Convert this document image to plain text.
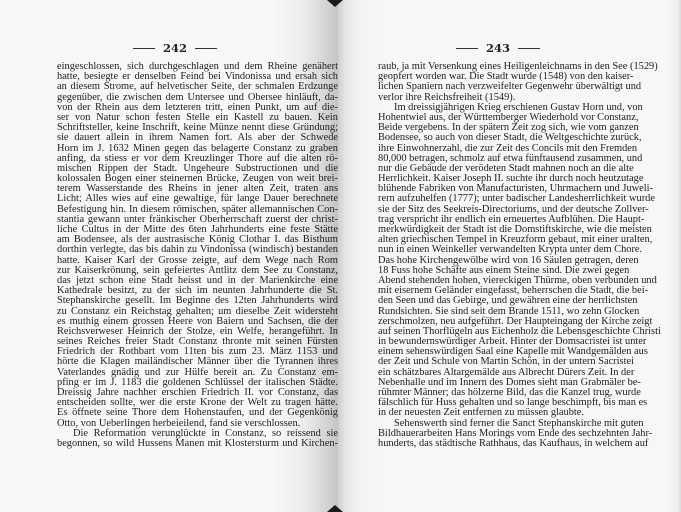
242
eingeschlossen, sich durchgeschlagen und dem Rheine genähert
hatte, besiegte er denselben Feind bei Vindonissa und ersah sich
an diesem Strome, auf helvetischer Seite, der schmalen Erdzunge
gegenüber, die zwischen dem Untersee und Obersee hinläuft, da-
von der Rhein aus dem letzteren tritt, einen Punkt, um auf die-
ser von Natur schon festen Stelle ein Kastell zu bauen. Kein
Schriftsteller, keine Inschrift, keine Münze nennt diese Gründung;
sie dauert allein in ihrem Namen fort. Als aber der Schwede
Horn im J. 1632 Minen gegen das belagerte Constanz zu graben
anfing, da stiess er vor dem Kreuzlinger Thore auf die alten rö-
mischen Rippen der Stadt. Ungeheure Substructionen und die
kolossalen Bogen einer steinernen Brücke, Zeugen von weit brei-
terem Wasserstande des Rheins in jener alten Zeit, traten ans
Licht; Alles wies auf eine gewaltige, für lange Dauer berechnete
Befestigung hin. In diesem römischen, später allemannischen Con-
stantia gewann unter fränkischer Oberherrschaft zuerst der christ-
liche Cultus in der Mitte des 6ten Jahrhunderts eine feste Stätte
am Bodensee, als der austrasische König Clothar I. das Bisthum
dorthin verlegte, das bis dahin zu Vindonissa (windisch) bestanden
hatte. Kaiser Karl der Grosse zeigte, auf dem Wege nach Rom
zur Kaiserkrönung, sein gefeiertes Antlitz dem See zu Constanz,
das jetzt schon eine Stadt heisst und in der Marienkirche eine
Kathedrale besitzt, zu der sich im neunten Jahrhunderte die St.
Stephanskirche gesellt. Im Beginne des 12ten Jahrhunderts wird
zu Constanz ein Reichstag gehalten; um dieselbe Zeit widersteht
es muthig einem grossen Heere von Baiern und Sachsen, die der
Reichsverweser Heinrich der Stolze, ein Welfe, herangeführt. In
seines Reiches freier Stadt Constanz thronte mit seinen Fürsten
Friedrich der Rothbart vom 11ten bis zum 23. März 1153 und
hörte die Klagen mailändischer Männer über die Tyrannen ihres
Vaterlandes gnädig und zur Hülfe bereit an. Zu Constanz em-
pfing er im J. 1183 die goldenen Schlüssel der italischen Städte.
Dreissig Jahre nachher erschien Friedrich II. vor Constanz, das
entscheiden sollte, wer die erste Krone der Welt zu tragen hätte.
Es öffnete seine Thore dem Hohenstaufen, und der Gegenkönig
Otto, von Ueberlingen herbeieilend, fand sie verschlossen.
Die Reformation verunglückte in Constanz, so reissend sie
begonnen, so wild Hussens Manen mit Klostersturm und Kirchen-
243
raub, ja mit Versenkung eines Heiligenleichnams in den See (1529)
geopfert worden war. Die Stadt wurde (1548) von den kaiser-
lichen Spaniern nach verzweifelter Gegenwehr überwältigt und
verlor ihre Reichsfreiheit (1549).
Im dreissigjährigen Krieg erschienen Gustav Horn und, von
Hohentwiel aus, der Württemberger Wiederhold vor Constanz,
Beide vergebens. In der spätern Zeit zog sich, wie vom ganzen
Bodensee, so auch von dieser Stadt, die Weltgeschichte zurück,
ihre Einwohnerzahl, die zur Zeit des Concils mit den Fremden
80,000 betragen, schmolz auf etwa fünftausend zusammen, und
nur die Gebäude der verödeten Stadt mahnen noch an die alte
Herrlichkeit. Kaiser Joseph II. suchte ihr durch noch heutzutage
blühende Fabriken von Manufacturisten, Uhrmachern und Juweli-
rern aufzuhelfen (1777); unter badischer Landesherrlichkeit wurde
sie der Sitz des Seekreis-Directoriums, und der deutsche Zollver-
trag verspricht ihr endlich ein erneuertes Aufblühen. Die Haupt-
merkwürdigkeit der Stadt ist die Domstiftskirche, wie die meisten
alten griechischen Tempel in Kreuzform gebaut, mit einer uralten,
nun in einen Weinkeller verwandelten Krypta unter dem Chore.
Das hohe Kirchengewölbe wird von 16 Säulen getragen, deren
18 Fuss hohe Schäfte aus einem Steine sind. Die zwei gegen
Abend stehenden hohen, viereckigen Thürme, oben verbunden und
mit eisernem Geländer eingefasst, beherrschen die Stadt, die bei-
den Seen und das Gebirge, und gewähren eine der herrlichsten
Rundsichten. Sie sind seit dem Brande 1511, wo zehn Glocken
zerschmolzen, neu aufgeführt. Der Haupteingang der Kirche zeigt
auf seinen Thorflügeln aus Eichenholz die Lebensgeschichte Christi
in bewundernswürdiger Arbeit. Hinter der Domsacristei ist unter
einem sehenswürdigen Saal eine Kapelle mit Wandgemälden aus
der Zeit und Schule von Martin Schön, in der untern Sacristei
ein schätzbares Altargemälde aus Albrecht Dürers Zeit. In der
Nebenhalle und im Innern des Domes sieht man Grabmäler be-
rühmter Männer; das hölzerne Bild, das die Kanzel trug, wurde
fälschlich für Huss gehalten und so lange beschimpft, bis man es
in der neuesten Zeit entfernen zu müssen glaubte.
Sehenswerth sind ferner die Sanct Stephanskirche mit guten
Bildhauerarbeiten Hans Morings vom Ende des sechzehnten Jahr-
hunderts, das städtische Rathhaus, das Kaufhaus, in welchem auf
